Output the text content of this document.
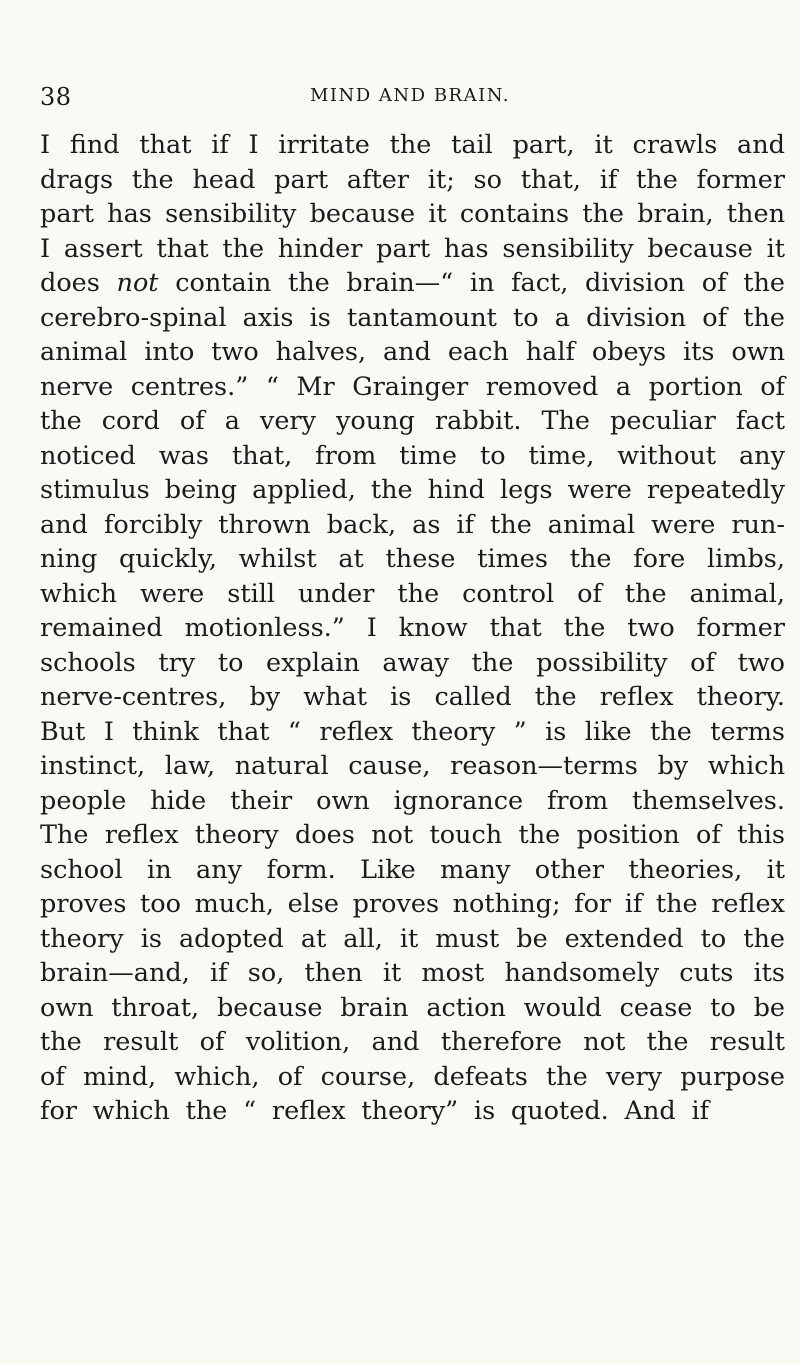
38	MIND AND BRAIN.
I find that if I irritate the tail part, it crawls and
drags the head part after it; so that, if the former
part has sensibility because it contains the brain, then
I assert that the hinder part has sensibility because it
does not contain the brain—“ in fact, division of the
cerebro-spinal axis is tantamount to a division of the
animal into two halves, and each half obeys its own
nerve centres.” “ Mr Grainger removed a portion of
the cord of a very young rabbit. The peculiar fact
noticed was that, from time to time, without any
stimulus being applied, the hind legs were repeatedly
and forcibly thrown back, as if the animal were run-
ning quickly, whilst at these times the fore limbs,
which were still under the control of the animal,
remained motionless.” I know that the two former
schools try to explain away the possibility of two
nerve-centres, by what is called the reflex theory.
But I think that “ reflex theory ” is like the terms
instinct, law, natural cause, reason—terms by which
people hide their own ignorance from themselves.
The reflex theory does not touch the position of this
school in any form. Like many other theories, it
proves too much, else proves nothing; for if the reflex
theory is adopted at all, it must be extended to the
brain—and, if so, then it most handsomely cuts its
own throat, because brain action would cease to be
the result of volition, and therefore not the result
of mind, which, of course, defeats the very purpose
for which the “ reflex theory” is quoted. And if
